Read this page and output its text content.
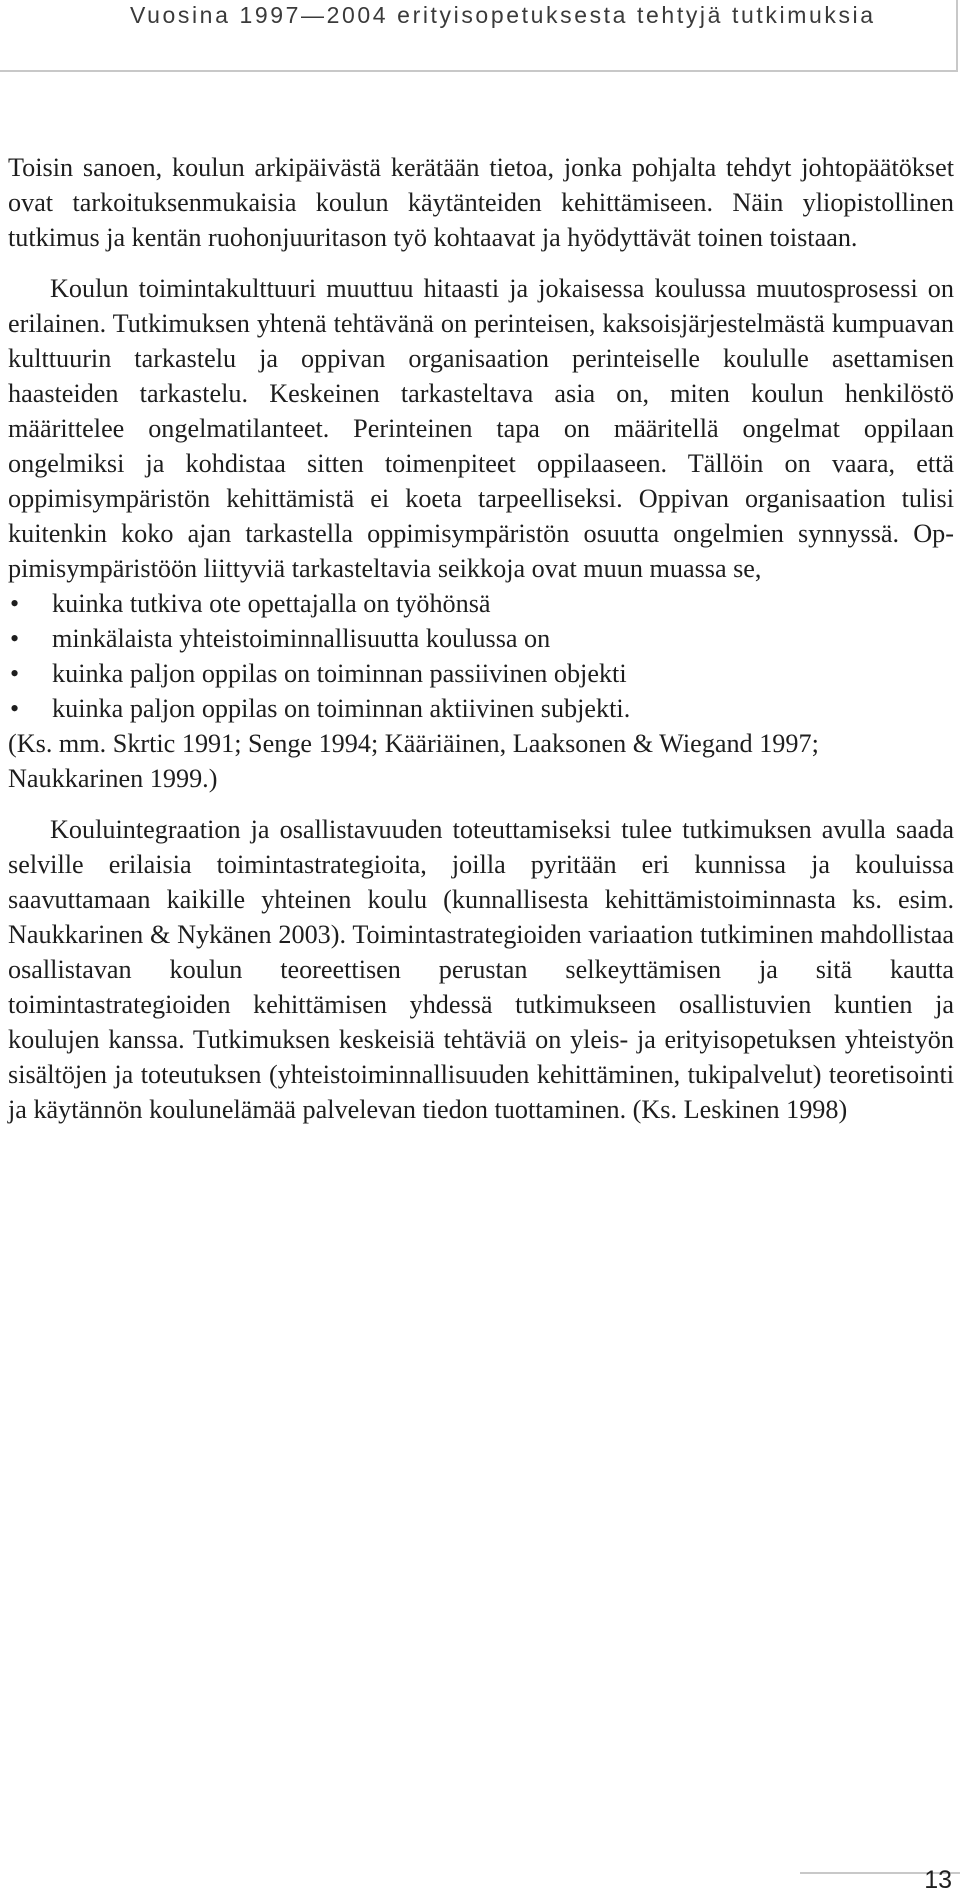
Vuosina 1997—2004 erityisopetuksesta tehtyjä tutkimuksia

Toisin sanoen, koulun arkipäivästä kerätään tietoa, jonka pohjalta tehdyt johtopäätökset ovat tarkoituksenmukaisia koulun käytänteiden kehittämiseen. Näin yliopistollinen tutkimus ja kentän ruohonjuuritason työ kohtaavat ja hyödyttävät toinen toistaan.

Koulun toimintakulttuuri muuttuu hitaasti ja jokaisessa koulussa muutosprosessi on erilainen. Tutkimuksen yhtenä tehtävänä on perinteisen, kaksoisjärjestelmästä kumpuavan kulttuurin tarkastelu ja oppivan organisaation perinteiselle koululle asettamisen haasteiden tarkastelu. Keskeinen tarkasteltava asia on, miten koulun henkilöstö määrittelee ongelmatilanteet. Perinteinen tapa on määritellä ongelmat oppilaan ongelmiksi ja kohdistaa sitten toimenpiteet oppilaaseen. Tällöin on vaara, että oppimisympäristön kehittämistä ei koeta tarpeelliseksi. Oppivan organisaation tulisi kuitenkin koko ajan tarkastella oppimisympäristön osuutta ongelmien synnyssä. Oppimisympäristöön liittyviä tarkasteltavia seikkoja ovat muun muassa se,

• kuinka tutkiva ote opettajalla on työhönsä
• minkälaista yhteistoiminnallisuutta koulussa on
• kuinka paljon oppilas on toiminnan passiivinen objekti
• kuinka paljon oppilas on toiminnan aktiivinen subjekti.

(Ks. mm. Skrtic 1991; Senge 1994; Kääriäinen, Laaksonen & Wiegand 1997; Naukkarinen 1999.)

Kouluintegraation ja osallistavuuden toteuttamiseksi tulee tutkimuksen avulla saada selville erilaisia toimintastrategioita, joilla pyritään eri kunnissa ja kouluissa saavuttamaan kaikille yhteinen koulu (kunnallisesta kehittämistoiminnasta ks. esim. Naukkarinen & Nykänen 2003). Toimintastrategioiden variaation tutkiminen mahdollistaa osallistavan koulun teoreettisen perustan selkeyttämisen ja sitä kautta toimintastrategioiden kehittämisen yhdessä tutkimukseen osallistuvien kuntien ja koulujen kanssa. Tutkimuksen keskeisiä tehtäviä on yleis- ja erityisopetuksen yhteistyön sisältöjen ja toteutuksen (yhteistoiminnallisuuden kehittäminen, tukipalvelut) teoretisointi ja käytännön koulunelämää palvelevan tiedon tuottaminen. (Ks. Leskinen 1998)

13
